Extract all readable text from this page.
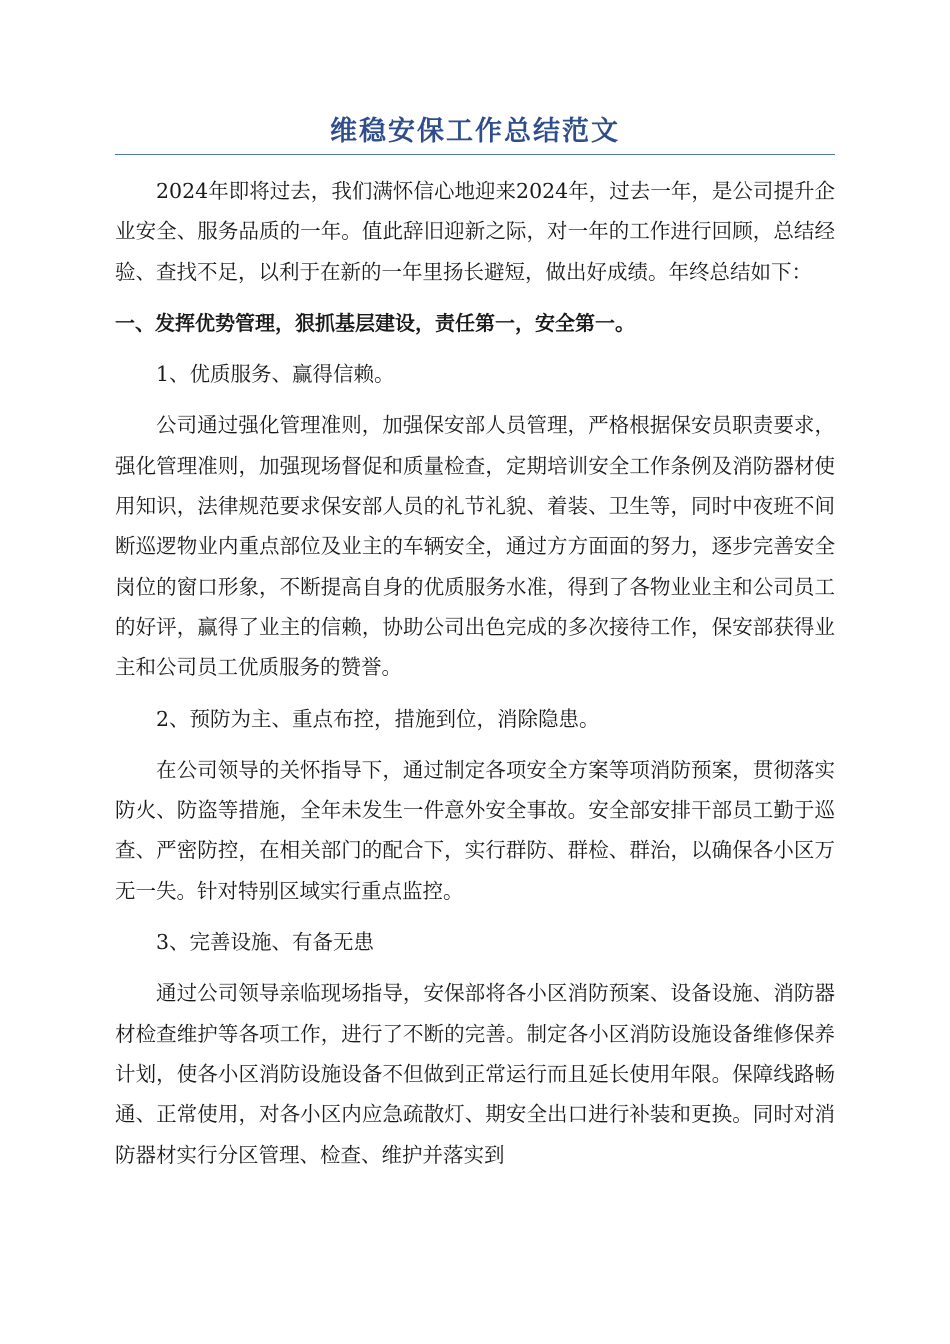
维稳安保工作总结范文

2024年即将过去，我们满怀信心地迎来2024年，过去一年，是公司提升企业安全、服务品质的一年。值此辞旧迎新之际，对一年的工作进行回顾，总结经验、查找不足，以利于在新的一年里扬长避短，做出好成绩。年终总结如下：

一、发挥优势管理，狠抓基层建设，责任第一，安全第一。

1、优质服务、赢得信赖。

公司通过强化管理准则，加强保安部人员管理，严格根据保安员职责要求，强化管理准则，加强现场督促和质量检查，定期培训安全工作条例及消防器材使用知识，法律规范要求保安部人员的礼节礼貌、着装、卫生等，同时中夜班不间断巡逻物业内重点部位及业主的车辆安全，通过方方面面的努力，逐步完善安全岗位的窗口形象，不断提高自身的优质服务水准，得到了各物业业主和公司员工的好评，赢得了业主的信赖，协助公司出色完成的多次接待工作，保安部获得业主和公司员工优质服务的赞誉。

2、预防为主、重点布控，措施到位，消除隐患。

在公司领导的关怀指导下，通过制定各项安全方案等项消防预案，贯彻落实防火、防盗等措施，全年未发生一件意外安全事故。安全部安排干部员工勤于巡查、严密防控，在相关部门的配合下，实行群防、群检、群治，以确保各小区万无一失。针对特别区域实行重点监控。

3、完善设施、有备无患

通过公司领导亲临现场指导，安保部将各小区消防预案、设备设施、消防器材检查维护等各项工作，进行了不断的完善。制定各小区消防设施设备维修保养计划，使各小区消防设施设备不但做到正常运行而且延长使用年限。保障线路畅通、正常使用，对各小区内应急疏散灯、期安全出口进行补装和更换。同时对消防器材实行分区管理、检查、维护并落实到
